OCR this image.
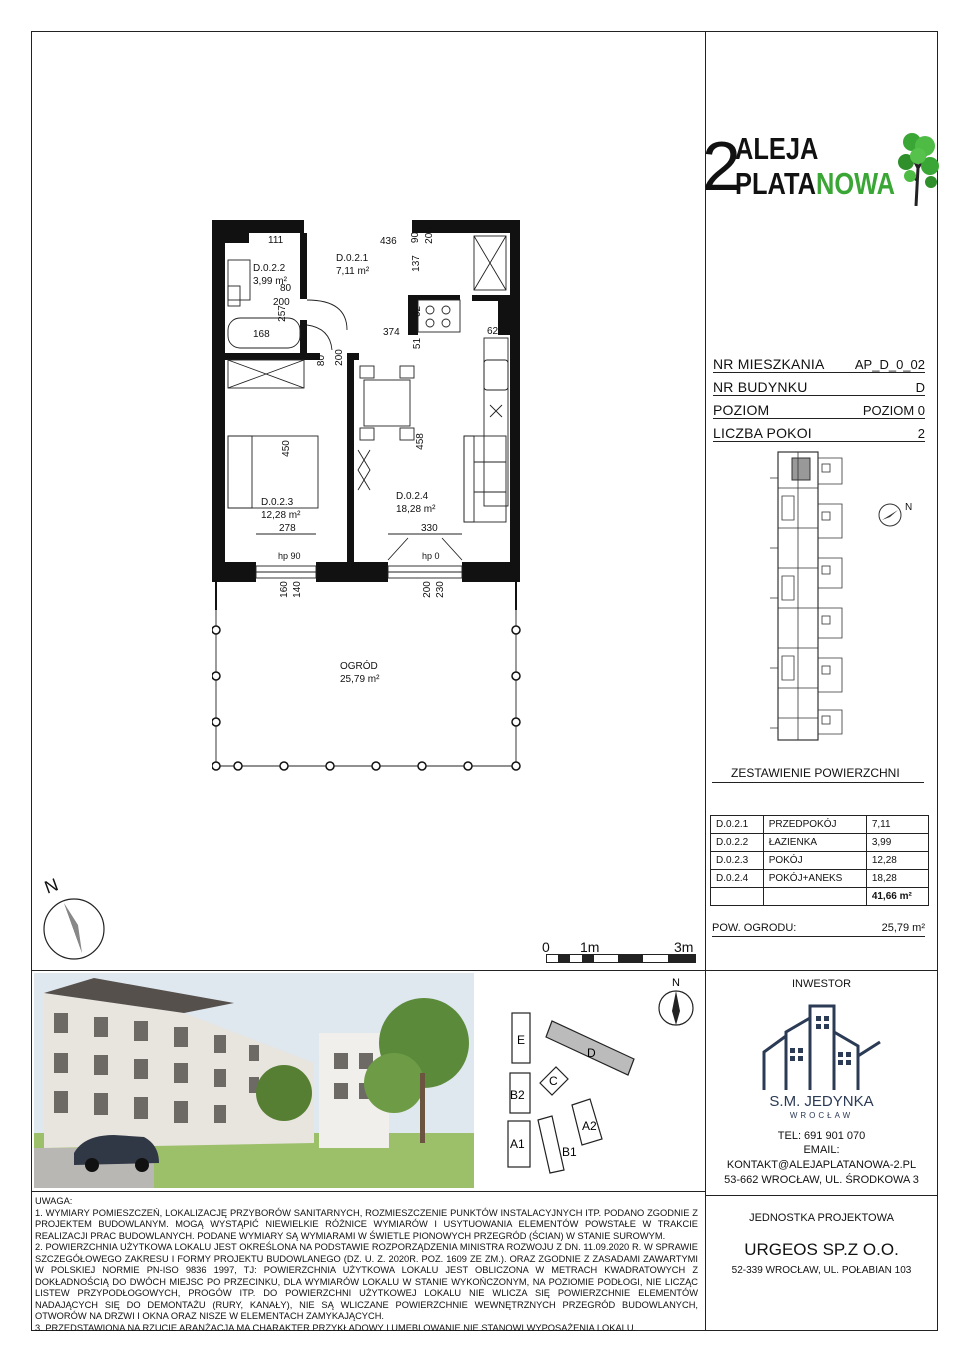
2
ALEJA
PLATANOWA
NR MIESZKANIA AP_D_0_02
NR BUDYNKU	D
POZIOM	POZIOM 0
LICZBA POKOI	2
N
ZESTAWIENIE POWIERZCHNI
D.0.2.1	PRZEDPOKÓJ	7,11
D.0.2.2	ŁAZIENKA	3,99
D.0.2.3	POKÓJ	12,28
D.0.2.4	POKÓJ+ANEKS	18,28
		41,66 m²
POW. OGRODU:	25,79 m²
D.0.2.1
7,11 m²
D.0.2.2
3,99 m²
D.0.2.3
12,28 m²
D.0.2.4
18,28 m²
OGRÓD
25,79 m²
111	436 90 200
137
80
200
257
168	374
62
62
51
80 200
450	458
278	330
hp 90	hp 0
160 140	200 230
N
0 1m	3m
E
D
C
B2
A2
A1
B1
N	INWESTOR
S.M. JEDYNKA
WROCŁAW
TEL: 691 901 070
EMAIL:
KONTAKT@ALEJAPLATANOWA-2.PL
53-662 WROCŁAW, UL. ŚRODKOWA 3
JEDNOSTKA PROJEKTOWA
URGEOS SP.Z O.O.
52-339 WROCŁAW, UL. POŁABIAN 103
UWAGA:
1. WYMIARY POMIESZCZEŃ, LOKALIZACJĘ PRZYBORÓW SANITARNYCH, ROZMIESZCZENIE PUNKTÓW INSTALACYJNYCH ITP. PODANO ZGODNIE Z PROJEKTEM BUDOWLANYM. MOGĄ WYSTĄPIĆ NIEWIELKIE RÓŻNICE WYMIARÓW I USYTUOWANIA ELEMENTÓW POWSTAŁE W TRAKCIE REALIZACJI PRAC BUDOWLANYCH. PODANE WYMIARY SĄ WYMIARAMI W ŚWIETLE PIONOWYCH PRZEGRÓD (ŚCIAN) W STANIE SUROWYM.
2. POWIERZCHNIA UŻYTKOWA LOKALU JEST OKREŚLONA NA PODSTAWIE ROZPORZĄDZENIA MINISTRA ROZWOJU Z DN. 11.09.2020 R. W SPRAWIE SZCZEGÓŁOWEGO ZAKRESU I FORMY PROJEKTU BUDOWLANEGO (DZ. U. Z. 2020R. POZ. 1609 ZE ZM.). ORAZ ZGODNIE Z ZASADAMI ZAWARTYMI W POLSKIEJ NORMIE PN-ISO 9836 1997, TJ: POWIERZCHNIA UŻYTKOWA LOKALU JEST OBLICZONA W METRACH KWADRATOWYCH Z DOKŁADNOŚCIĄ DO DWÓCH MIEJSC PO PRZECINKU, DLA WYMIARÓW LOKALU W STANIE WYKOŃCZONYM, NA POZIOMIE PODŁOGI, NIE LICZĄC LISTEW PRZYPODŁOGOWYCH, PROGÓW ITP. DO POWIERZCHNI UŻYTKOWEJ LOKALU NIE WLICZA SIĘ POWIERZCHNIE ELEMENTÓW NADAJĄCYCH SIĘ DO DEMONTAŻU (RURY, KANAŁY), NIE SĄ WLICZANE POWIERZCHNIE WEWNĘTRZNYCH PRZEGRÓD BUDOWLANYCH, OTWORÓW NA DRZWI I OKNA ORAZ NISZE W ELEMENTACH ZAMYKAJĄCYCH.
3. PRZEDSTAWIONA NA RZUCIE ARANŻACJA MA CHARAKTER PRZYKŁADOWY I UMEBLOWANIE NIE STANOWI WYPOSAŻENIA LOKALU.
